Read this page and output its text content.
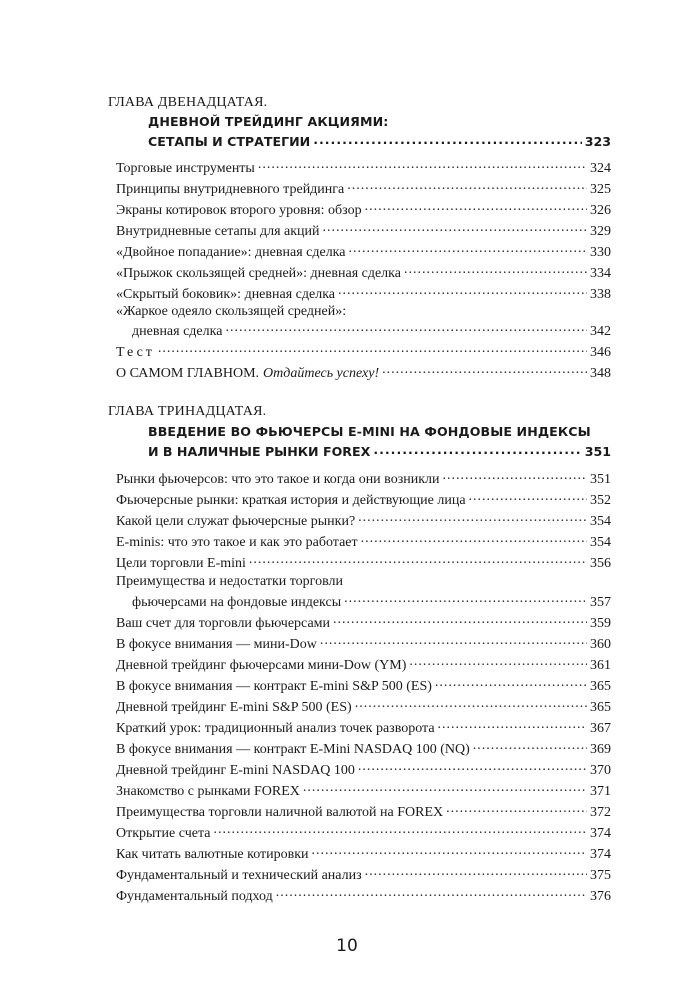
ГЛАВА ДВЕНАДЦАТАЯ.
ДНЕВНОЙ ТРЕЙДИНГ АКЦИЯМИ:
СЕТАПЫ И СТРАТЕГИИ .....	323
Торговые инструменты .....	324
Принципы внутридневного трейдинга .....	325
Экраны котировок второго уровня: обзор .....	326
Внутридневные сетапы для акций .....	329
«Двойное попадание»: дневная сделка .....	330
«Прыжок скользящей средней»: дневная сделка .....	334
«Скрытый боковик»: дневная сделка .....	338
«Жаркое одеяло скользящей средней»:
дневная сделка .....	342
Тест .....	346
О САМОМ ГЛАВНОМ. Отдайтесь успеху! .....	348
ГЛАВА ТРИНАДЦАТАЯ.
ВВЕДЕНИЕ ВО ФЬЮЧЕРСЫ E-MINI НА ФОНДОВЫЕ ИНДЕКСЫ
И В НАЛИЧНЫЕ РЫНКИ FOREX .....	351
Рынки фьючерсов: что это такое и когда они возникли .....	351
Фьючерсные рынки: краткая история и действующие лица .....	352
Какой цели служат фьючерсные рынки? .....	354
E-minis: что это такое и как это работает .....	354
Цели торговли E-mini .....	356
Преимущества и недостатки торговли
фьючерсами на фондовые индексы .....	357
Ваш счет для торговли фьючерсами .....	359
В фокусе внимания — мини-Dow .....	360
Дневной трейдинг фьючерсами мини-Dow (YM) .....	361
В фокусе внимания — контракт E-mini S&P 500 (ES) .....	365
Дневной трейдинг E-mini S&P 500 (ES) .....	365
Краткий урок: традиционный анализ точек разворота .....	367
В фокусе внимания — контракт E-Mini NASDAQ 100 (NQ) .....	369
Дневной трейдинг E-mini NASDAQ 100 .....	370
Знакомство с рынками FOREX .....	371
Преимущества торговли наличной валютой на FOREX .....	372
Открытие счета .....	374
Как читать валютные котировки .....	374
Фундаментальный и технический анализ .....	375
Фундаментальный подход .....	376
10
